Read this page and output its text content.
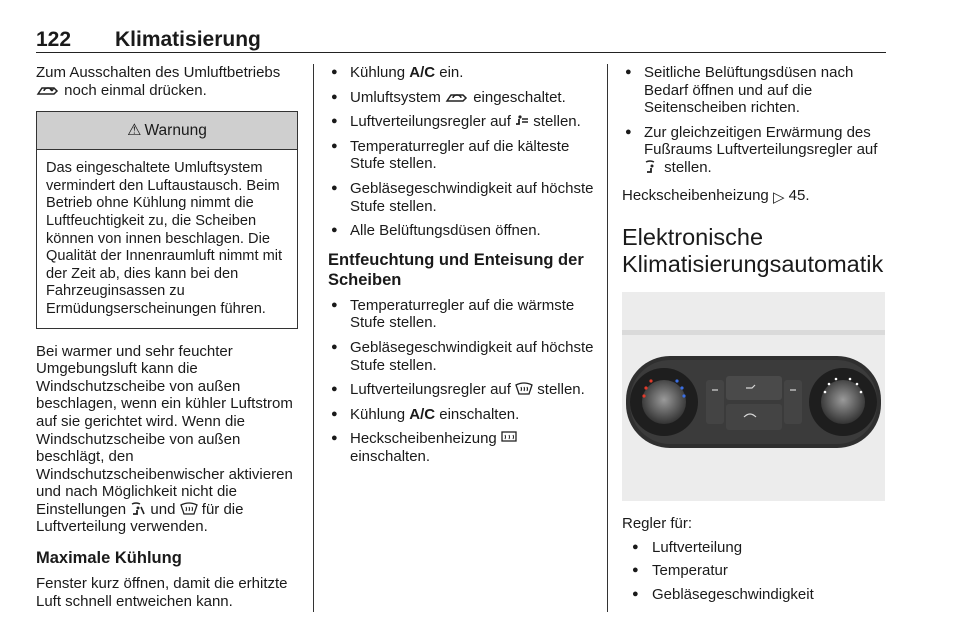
122 Klimatisierung

Zum Ausschalten des Umluftbetriebs

noch einmal drücken.

⚠ Warnung
Das eingeschaltete Umluftsystem vermindert den Luftaustausch. Beim Betrieb ohne Kühlung nimmt die Luftfeuchtigkeit zu, die Scheiben können von innen beschlagen. Die Qualität der Innenraumluft nimmt mit der Zeit ab, dies kann bei den Fahrzeuginsassen zu Ermüdungserscheinungen führen.

Bei warmer und sehr feuchter Umgebungsluft kann die Windschutzscheibe von außen beschlagen, wenn ein kühler Luftstrom auf sie gerichtet wird. Wenn die Windschutzscheibe von außen beschlägt, den Windschutzscheibenwischer aktivieren und nach Möglichkeit nicht die Einstellungen und für die Luftverteilung verwenden.

Maximale Kühlung

Fenster kurz öffnen, damit die erhitzte Luft schnell entweichen kann.

● Kühlung A/C ein.
● Umluftsystem eingeschaltet.
● Luftverteilungsregler auf stellen.
● Temperaturregler auf die kälteste Stufe stellen.
● Gebläsegeschwindigkeit auf höchste Stufe stellen.
● Alle Belüftungsdüsen öffnen.
Entfeuchtung und Enteisung der Scheiben
● Temperaturregler auf die wärmste Stufe stellen.
● Gebläsegeschwindigkeit auf höchste Stufe stellen.
● Luftverteilungsregler auf stellen.
● Kühlung A/C einschalten.
● Heckscheibenheizung

einschalten.
● Seitliche Belüftungsdüsen nach Bedarf öffnen und auf die Seitenscheiben richten.
● Zur gleichzeitigen Erwärmung des Fußraums Luftverteilungsregler auf
stellen.

Heckscheibenheizung ▷ 45.

Elektronische Klimatisierungsautomatik

Regler für:

● Luftverteilung
● Temperatur
● Gebläsegeschwindigkeit
